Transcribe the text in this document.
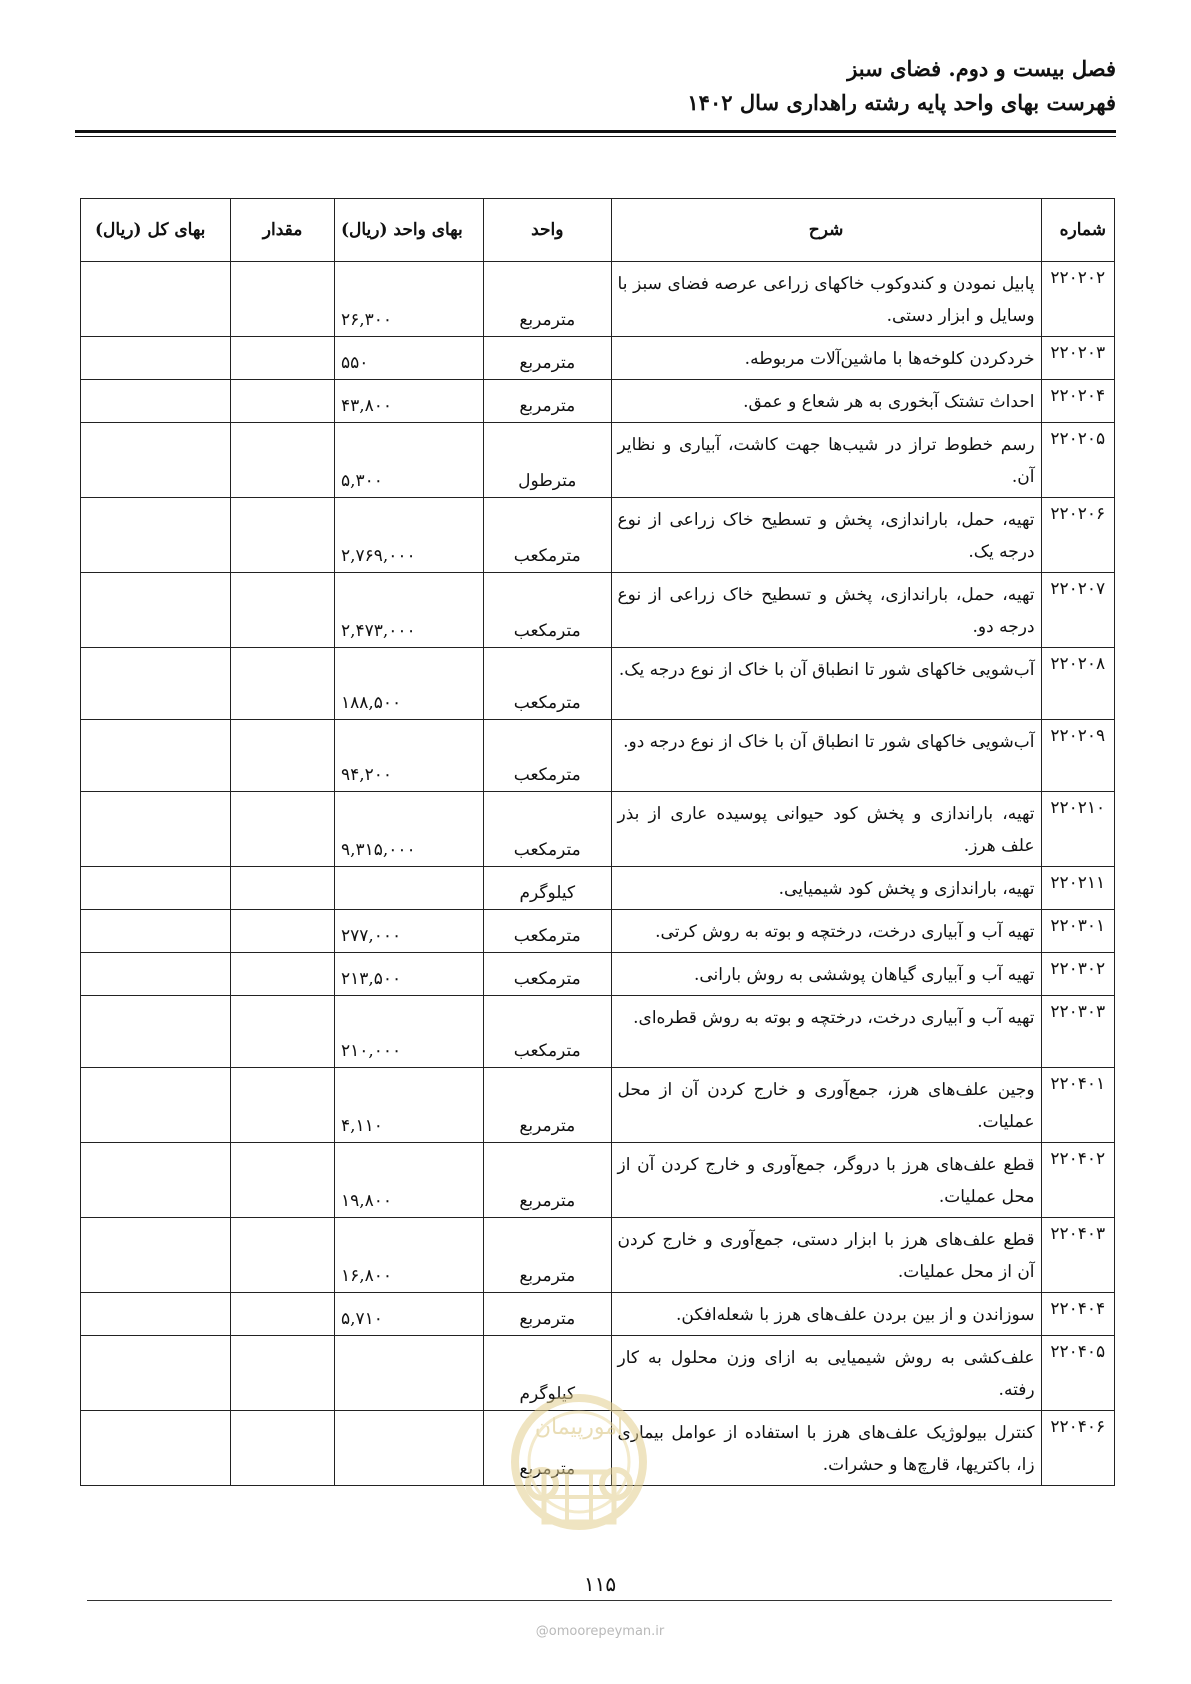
فصل بیست و دوم. فضای سبز
فهرست بهای واحد پایه رشته راهداری سال ۱۴۰۲
شماره	شرح	واحد	بهای واحد (ریال)	مقدار	بهای کل (ریال)
۲۲۰۲۰۲	پابیل نمودن و کندوکوب خاکهای زراعی عرصه فضای سبز با وسایل و ابزار دستی.	مترمربع	۲۶,۳۰۰		
۲۲۰۲۰۳	خردکردن کلوخه‌ها با ماشین‌آلات مربوطه.	مترمربع	۵۵۰		
۲۲۰۲۰۴	احداث تشتک آبخوری به هر شعاع و عمق.	مترمربع	۴۳,۸۰۰		
۲۲۰۲۰۵	رسم خطوط تراز در شیب‌ها جهت کاشت، آبیاری و نظایر آن.	مترطول	۵,۳۰۰		
۲۲۰۲۰۶	تهیه، حمل، باراندازی، پخش و تسطیح خاک زراعی از نوع درجه یک.	مترمکعب	۲,۷۶۹,۰۰۰		
۲۲۰۲۰۷	تهیه، حمل، باراندازی، پخش و تسطیح خاک زراعی از نوع درجه دو.	مترمکعب	۲,۴۷۳,۰۰۰		
۲۲۰۲۰۸	آب‌شویی خاکهای شور تا انطباق آن با خاک از نوع درجه یک.	مترمکعب	۱۸۸,۵۰۰		
۲۲۰۲۰۹	آب‌شویی خاکهای شور تا انطباق آن با خاک از نوع درجه دو.	مترمکعب	۹۴,۲۰۰		
۲۲۰۲۱۰	تهیه، باراندازی و پخش کود حیوانی پوسیده عاری از بذر علف هرز.	مترمکعب	۹,۳۱۵,۰۰۰		
۲۲۰۲۱۱	تهیه، باراندازی و پخش کود شیمیایی.	کیلوگرم			
۲۲۰۳۰۱	تهیه آب و آبیاری درخت، درختچه و بوته به روش کرتی.	مترمکعب	۲۷۷,۰۰۰		
۲۲۰۳۰۲	تهیه آب و آبیاری گیاهان پوششی به روش بارانی.	مترمکعب	۲۱۳,۵۰۰		
۲۲۰۳۰۳	تهیه آب و آبیاری درخت، درختچه و بوته به روش قطره‌ای.	مترمکعب	۲۱۰,۰۰۰		
۲۲۰۴۰۱	وجین علف‌های هرز، جمع‌آوری و خارج کردن آن از محل عملیات.	مترمربع	۴,۱۱۰		
۲۲۰۴۰۲	قطع علف‌های هرز با دروگر، جمع‌آوری و خارج کردن آن از محل عملیات.	مترمربع	۱۹,۸۰۰		
۲۲۰۴۰۳	قطع علف‌های هرز با ابزار دستی، جمع‌آوری و خارج کردن آن از محل عملیات.	مترمربع	۱۶,۸۰۰		
۲۲۰۴۰۴	سوزاندن و از بین بردن علف‌های هرز با شعله‌افکن.	مترمربع	۵,۷۱۰		
۲۲۰۴۰۵	علف‌کشی به روش شیمیایی به ازای وزن محلول به کار رفته.	کیلوگرم			
۲۲۰۴۰۶	کنترل بیولوژیک علف‌های هرز با استفاده از عوامل بیماری زا، باکتریها، قارچ‌ها و حشرات.	مترمربع			
امورپیمان
۱۱۵
@omoorepeyman.ir
